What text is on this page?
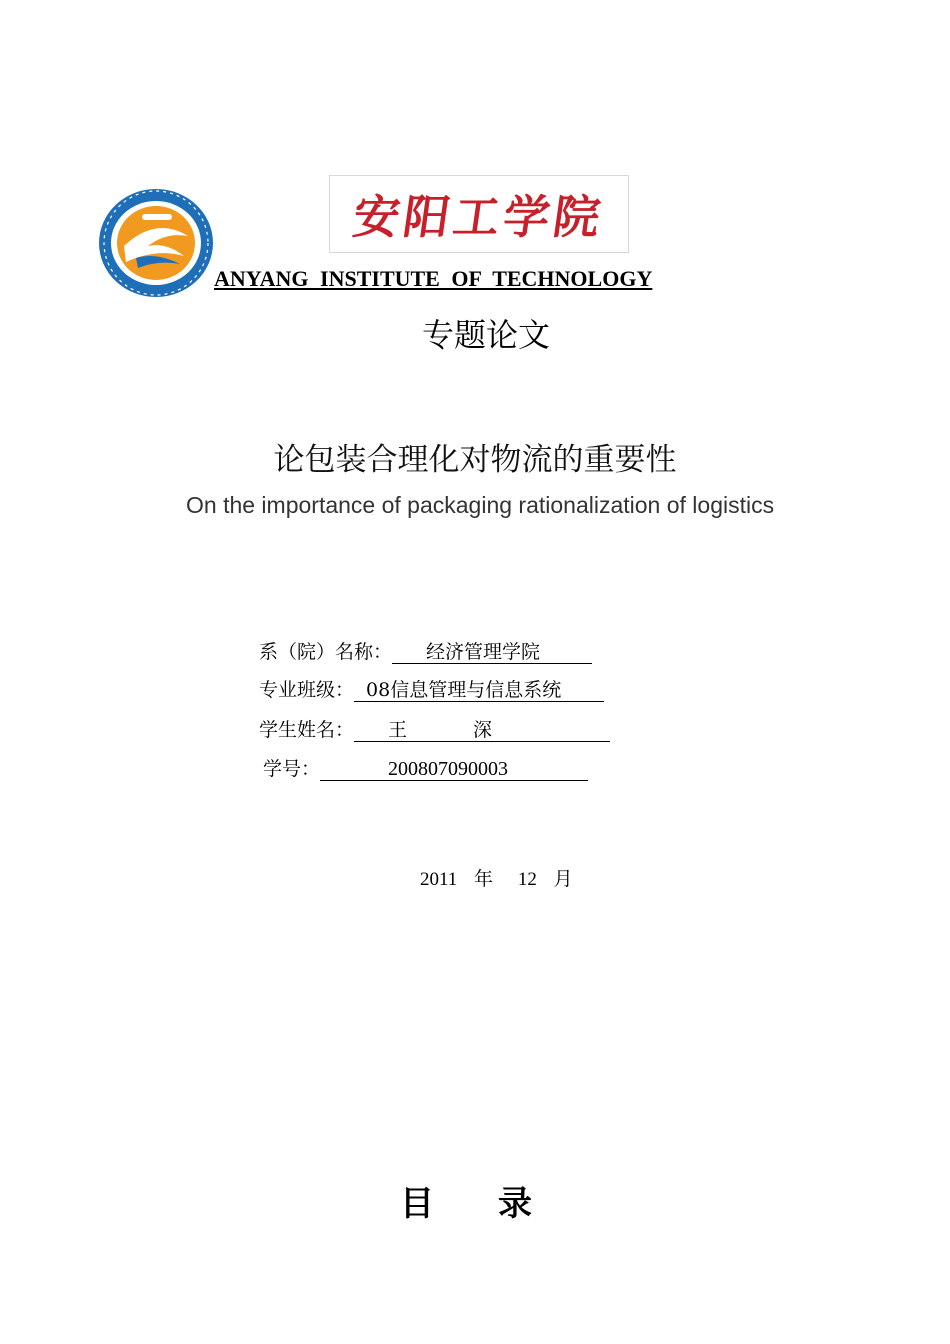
安阳工学院
ANYANG INSTITUTE OF TECHNOLOGY
专题论文
论包装合理化对物流的重要性
On the importance of packaging rationalization of logistics
系（院）名称：	经济管理学院
专业班级： 08信息管理与信息系统
学生姓名：	王 深
学号：	200807090003
2011 年 12 月
目录
